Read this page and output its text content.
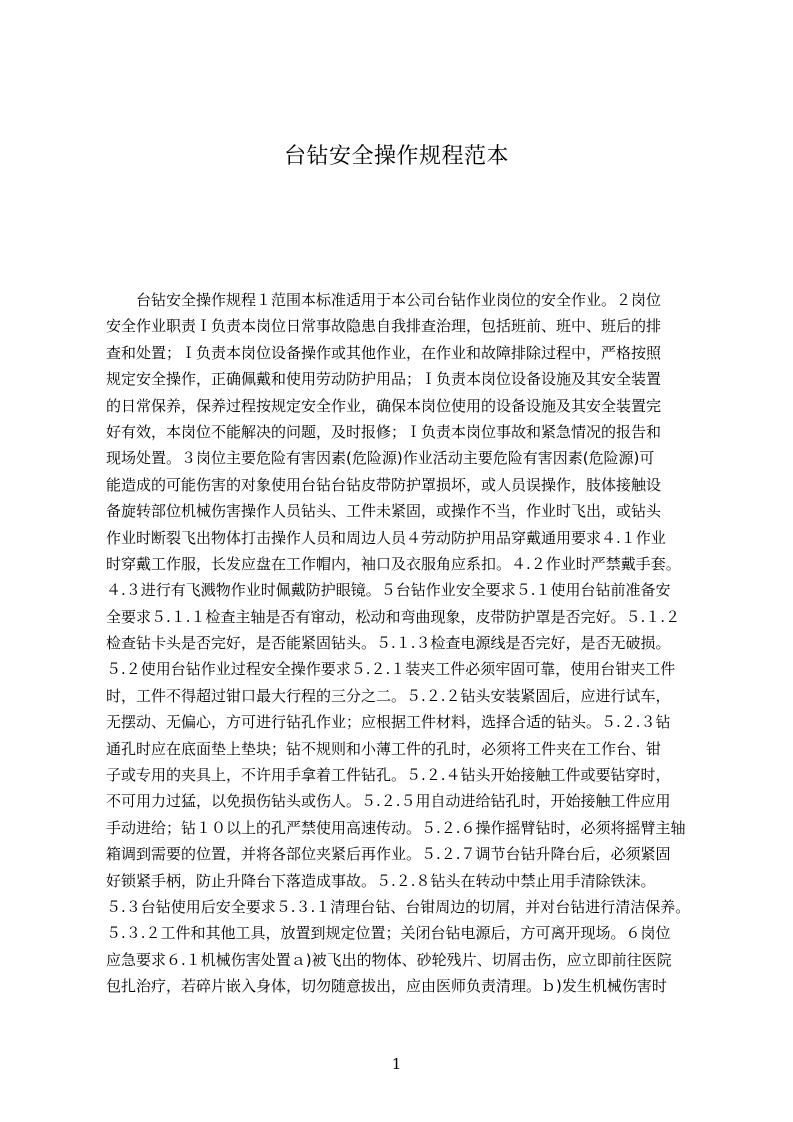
台钻安全操作规程范本
　　台钻安全操作规程１范围本标准适用于本公司台钻作业岗位的安全作业。２岗位
安全作业职责Ｉ负责本岗位日常事故隐患自我排查治理，包括班前、班中、班后的排
查和处置；Ｉ负责本岗位设备操作或其他作业，在作业和故障排除过程中，严格按照
规定安全操作，正确佩戴和使用劳动防护用品；Ｉ负责本岗位设备设施及其安全装置
的日常保养，保养过程按规定安全作业，确保本岗位使用的设备设施及其安全装置完
好有效，本岗位不能解决的问题，及时报修；Ｉ负责本岗位事故和紧急情况的报告和
现场处置。３岗位主要危险有害因素(危险源)作业活动主要危险有害因素(危险源)可
能造成的可能伤害的对象使用台钻台钻皮带防护罩损坏，或人员误操作，肢体接触设
备旋转部位机械伤害操作人员钻头、工件未紧固，或操作不当，作业时飞出，或钻头
作业时断裂飞出物体打击操作人员和周边人员４劳动防护用品穿戴通用要求４.１作业
时穿戴工作服，长发应盘在工作帽内，袖口及衣服角应系扣。４.２作业时严禁戴手套。
４.３进行有飞溅物作业时佩戴防护眼镜。５台钻作业安全要求５.１使用台钻前准备安
全要求５.１.１检查主轴是否有窜动，松动和弯曲现象，皮带防护罩是否完好。５.１.２
检查钻卡头是否完好，是否能紧固钻头。５.１.３检查电源线是否完好，是否无破损。
５.２使用台钻作业过程安全操作要求５.２.１装夹工件必须牢固可靠，使用台钳夹工件
时，工件不得超过钳口最大行程的三分之二。５.２.２钻头安装紧固后，应进行试车，
无摆动、无偏心，方可进行钻孔作业；应根据工件材料，选择合适的钻头。５.２.３钻
通孔时应在底面垫上垫块；钻不规则和小薄工件的孔时，必须将工件夹在工作台、钳
子或专用的夹具上，不许用手拿着工件钻孔。５.２.４钻头开始接触工件或要钻穿时，
不可用力过猛，以免损伤钻头或伤人。５.２.５用自动进给钻孔时，开始接触工件应用
手动进给；钻１０以上的孔严禁使用高速传动。５.２.６操作摇臂钻时，必须将摇臂主轴
箱调到需要的位置，并将各部位夹紧后再作业。５.２.７调节台钻升降台后，必须紧固
好锁紧手柄，防止升降台下落造成事故。５.２.８钻头在转动中禁止用手清除铁沫。
５.３台钻使用后安全要求５.３.１清理台钻、台钳周边的切屑，并对台钻进行清洁保养。
５.３.２工件和其他工具，放置到规定位置；关闭台钻电源后，方可离开现场。６岗位
应急要求６.１机械伤害处置ａ)被飞出的物体、砂轮残片、切屑击伤，应立即前往医院
包扎治疗，若碎片嵌入身体，切勿随意拔出，应由医师负责清理。ｂ)发生机械伤害时
1
